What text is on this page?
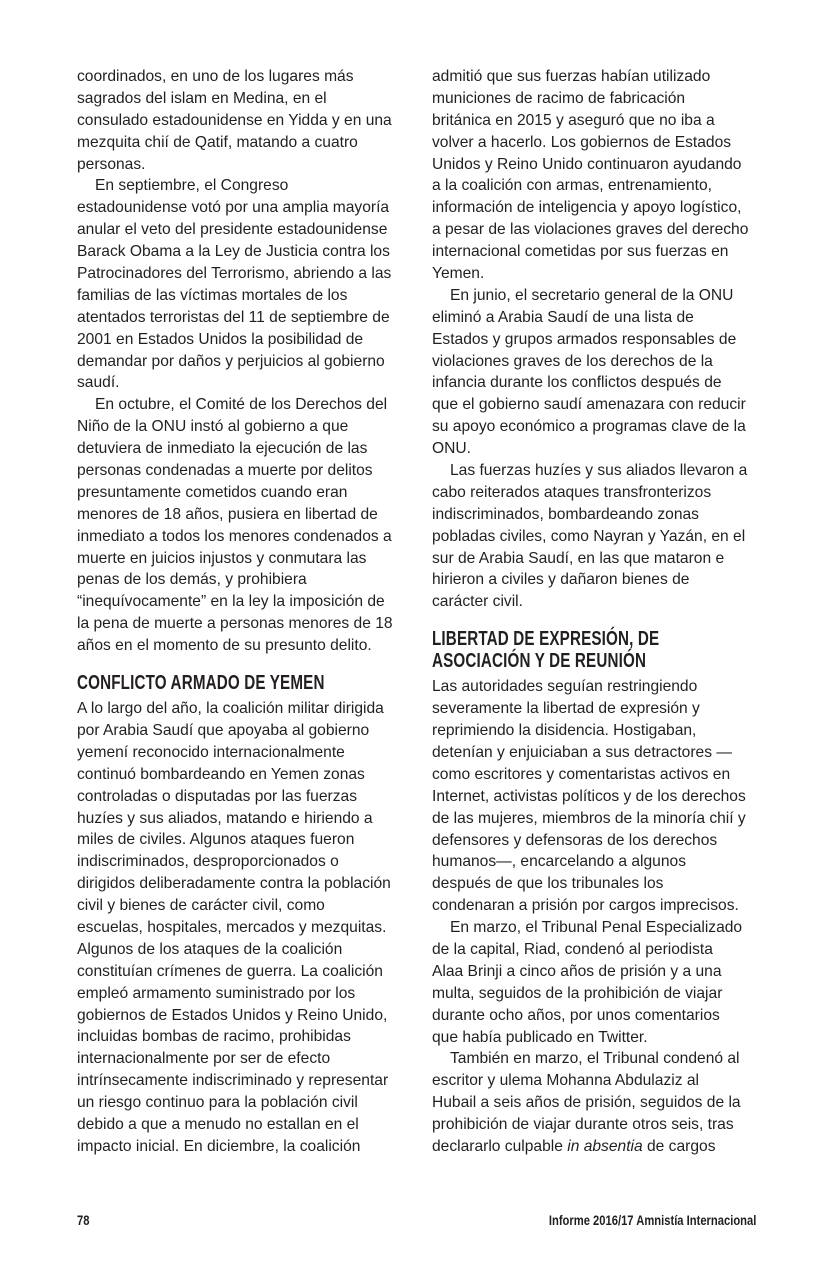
coordinados, en uno de los lugares más
sagrados del islam en Medina, en el
consulado estadounidense en Yidda y en una
mezquita chií de Qatif, matando a cuatro
personas.
En septiembre, el Congreso
estadounidense votó por una amplia mayoría
anular el veto del presidente estadounidense
Barack Obama a la Ley de Justicia contra los
Patrocinadores del Terrorismo, abriendo a las
familias de las víctimas mortales de los
atentados terroristas del 11 de septiembre de
2001 en Estados Unidos la posibilidad de
demandar por daños y perjuicios al gobierno
saudí.
En octubre, el Comité de los Derechos del
Niño de la ONU instó al gobierno a que
detuviera de inmediato la ejecución de las
personas condenadas a muerte por delitos
presuntamente cometidos cuando eran
menores de 18 años, pusiera en libertad de
inmediato a todos los menores condenados a
muerte en juicios injustos y conmutara las
penas de los demás, y prohibiera
“inequívocamente” en la ley la imposición de
la pena de muerte a personas menores de 18
años en el momento de su presunto delito.
CONFLICTO ARMADO DE YEMEN
A lo largo del año, la coalición militar dirigida
por Arabia Saudí que apoyaba al gobierno
yemení reconocido internacionalmente
continuó bombardeando en Yemen zonas
controladas o disputadas por las fuerzas
huzíes y sus aliados, matando e hiriendo a
miles de civiles. Algunos ataques fueron
indiscriminados, desproporcionados o
dirigidos deliberadamente contra la población
civil y bienes de carácter civil, como
escuelas, hospitales, mercados y mezquitas.
Algunos de los ataques de la coalición
constituían crímenes de guerra. La coalición
empleó armamento suministrado por los
gobiernos de Estados Unidos y Reino Unido,
incluidas bombas de racimo, prohibidas
internacionalmente por ser de efecto
intrínsecamente indiscriminado y representar
un riesgo continuo para la población civil
debido a que a menudo no estallan en el
impacto inicial. En diciembre, la coalición
admitió que sus fuerzas habían utilizado
municiones de racimo de fabricación
británica en 2015 y aseguró que no iba a
volver a hacerlo. Los gobiernos de Estados
Unidos y Reino Unido continuaron ayudando
a la coalición con armas, entrenamiento,
información de inteligencia y apoyo logístico,
a pesar de las violaciones graves del derecho
internacional cometidas por sus fuerzas en
Yemen.
En junio, el secretario general de la ONU
eliminó a Arabia Saudí de una lista de
Estados y grupos armados responsables de
violaciones graves de los derechos de la
infancia durante los conflictos después de
que el gobierno saudí amenazara con reducir
su apoyo económico a programas clave de la
ONU.
Las fuerzas huzíes y sus aliados llevaron a
cabo reiterados ataques transfronterizos
indiscriminados, bombardeando zonas
pobladas civiles, como Nayran y Yazán, en el
sur de Arabia Saudí, en las que mataron e
hirieron a civiles y dañaron bienes de
carácter civil.
LIBERTAD DE EXPRESIÓN, DE
ASOCIACIÓN Y DE REUNIÓN
Las autoridades seguían restringiendo
severamente la libertad de expresión y
reprimiendo la disidencia. Hostigaban,
detenían y enjuiciaban a sus detractores —
como escritores y comentaristas activos en
Internet, activistas políticos y de los derechos
de las mujeres, miembros de la minoría chií y
defensores y defensoras de los derechos
humanos—, encarcelando a algunos
después de que los tribunales los
condenaran a prisión por cargos imprecisos.
En marzo, el Tribunal Penal Especializado
de la capital, Riad, condenó al periodista
Alaa Brinji a cinco años de prisión y a una
multa, seguidos de la prohibición de viajar
durante ocho años, por unos comentarios
que había publicado en Twitter.
También en marzo, el Tribunal condenó al
escritor y ulema Mohanna Abdulaziz al
Hubail a seis años de prisión, seguidos de la
prohibición de viajar durante otros seis, tras
declararlo culpable in absentia de cargos
78	Informe 2016/17 Amnistía Internacional
